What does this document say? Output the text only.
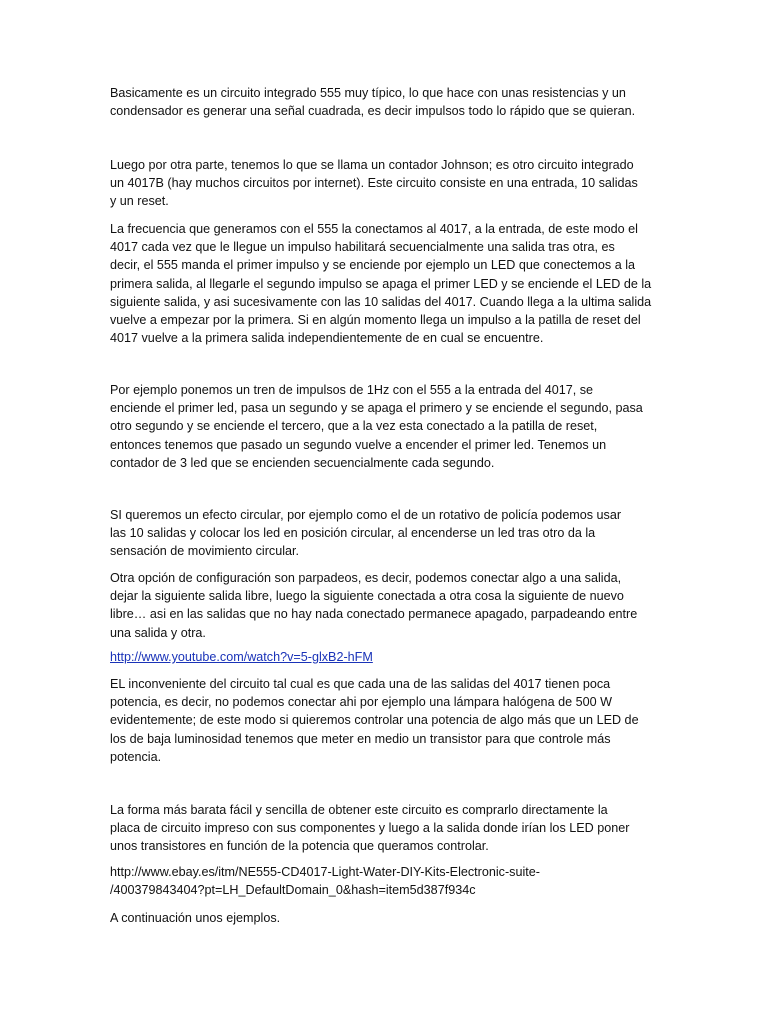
Basicamente es un circuito integrado 555 muy típico, lo que hace con unas resistencias y un
condensador es generar una señal cuadrada, es decir impulsos todo lo rápido que se quieran.

Luego por otra parte, tenemos lo que se llama un contador Johnson; es otro circuito integrado
un 4017B (hay muchos circuitos por internet). Este circuito consiste en una entrada, 10 salidas
y un reset.

La frecuencia que generamos con el 555 la conectamos al 4017, a la entrada, de este modo el
4017 cada vez que le llegue un impulso habilitará secuencialmente una salida tras otra, es
decir, el 555 manda el primer impulso y se enciende por ejemplo un LED que conectemos a la
primera salida, al llegarle el segundo impulso se apaga el primer LED y se enciende el LED de la
siguiente salida, y asi sucesivamente con las 10 salidas del 4017. Cuando llega a la ultima salida
vuelve a empezar por la primera. Si en algún momento llega un impulso a la patilla de reset del
4017 vuelve a la primera salida independientemente de en cual se encuentre.

Por ejemplo ponemos un tren de impulsos de 1Hz con el 555 a la entrada del 4017, se
enciende el primer led, pasa un segundo y se apaga el primero y se enciende el segundo, pasa
otro segundo y se enciende el tercero, que a la vez esta conectado a la patilla de reset,
entonces tenemos que pasado un segundo vuelve a encender el primer led. Tenemos un
contador de 3 led que se encienden secuencialmente cada segundo.

SI queremos un efecto circular, por ejemplo como el de un rotativo de policía podemos usar
las 10 salidas y colocar los led en posición circular, al encenderse un led tras otro da la
sensación de movimiento circular.

Otra opción de configuración son parpadeos, es decir, podemos conectar algo a una salida,
dejar la siguiente salida libre, luego la siguiente conectada a otra cosa la siguiente de nuevo
libre… asi en las salidas que no hay nada conectado permanece apagado, parpadeando entre
una salida y otra.

http://www.youtube.com/watch?v=5-glxB2-hFM

EL inconveniente del circuito tal cual es que cada una de las salidas del 4017 tienen poca
potencia, es decir, no podemos conectar ahi por ejemplo una lámpara halógena de 500 W
evidentemente; de este modo si quieremos controlar una potencia de algo más que un LED de
los de baja luminosidad tenemos que meter en medio un transistor para que controle más
potencia.

La forma más barata fácil y sencilla de obtener este circuito es comprarlo directamente la
placa de circuito impreso con sus componentes y luego a la salida donde irían los LED poner
unos transistores en función de la potencia que queramos controlar.

http://www.ebay.es/itm/NE555-CD4017-Light-Water-DIY-Kits-Electronic-suite-
/400379843404?pt=LH_DefaultDomain_0&hash=item5d387f934c

A continuación unos ejemplos.
